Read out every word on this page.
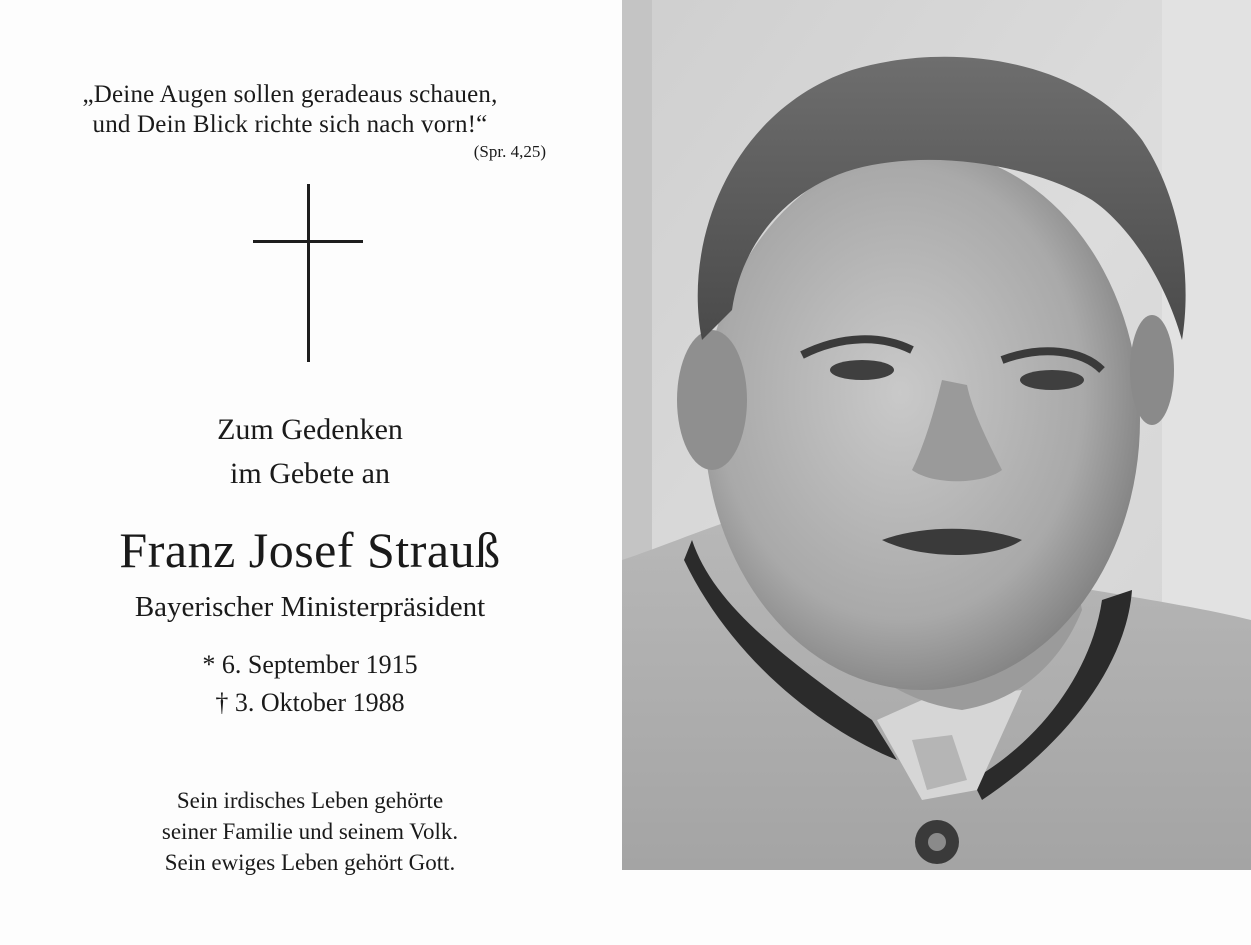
„Deine Augen sollen geradeaus schauen,
und Dein Blick richte sich nach vorn!“
(Spr. 4,25)
Zum Gedenken
im Gebete an
Franz Josef Strauß
Bayerischer Ministerpräsident
* 6. September 1915
† 3. Oktober 1988
Sein irdisches Leben gehörte
seiner Familie und seinem Volk.
Sein ewiges Leben gehört Gott.
